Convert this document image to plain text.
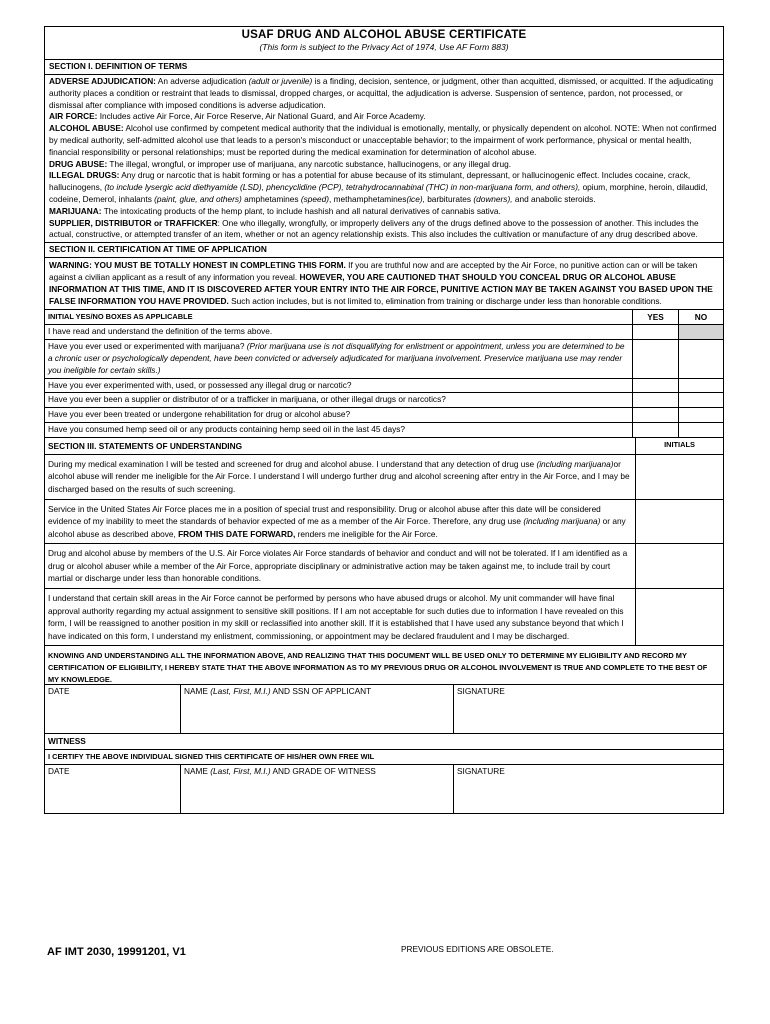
USAF DRUG AND ALCOHOL ABUSE CERTIFICATE
(This form is subject to the Privacy Act of 1974, Use AF Form 883)
SECTION I. DEFINITION OF TERMS

ADVERSE ADJUDICATION: An adverse adjudication (adult or juvenile) is a finding, decision, sentence, or judgment, other than acquitted, dismissed, or acquitted. If the adjudicating authority places a condition or restraint that leads to dismissal, dropped charges, or acquittal, the adjudication is adverse. Suspension of sentence, pardon, not processed, or dismissal after compliance with imposed conditions is adverse adjudication.

AIR FORCE: Includes active Air Force, Air Force Reserve, Air National Guard, and Air Force Academy.

ALCOHOL ABUSE: Alcohol use confirmed by competent medical authority that the individual is emotionally, mentally, or physically dependent on alcohol. NOTE: When not confirmed by medical authority, self-admitted alcohol use that leads to a person's misconduct or unacceptable behavior; to the impairment of work performance, physical or mental health, financial responsibility or personal relationships; must be reported during the medical examination for determination of alcohol abuse.

DRUG ABUSE: The illegal, wrongful, or improper use of marijuana, any narcotic substance, hallucinogens, or any illegal drug.

ILLEGAL DRUGS: Any drug or narcotic that is habit forming or has a potential for abuse because of its stimulant, depressant, or hallucinogenic effect. Includes cocaine, crack, hallucinogens, (to include lysergic acid diethyamide (LSD), phencyclidine (PCP), tetrahydrocannabinal (THC) in non-marijuana form, and others), opium, morphine, heroin, dilaudid, codeine, Demerol, inhalants (paint, glue, and others) amphetamines (speed), methamphetamines(ice), barbiturates (downers), and anabolic steroids.

MARIJUANA: The intoxicating products of the hemp plant, to include hashish and all natural derivatives of cannabis sativa.

SUPPLIER, DISTRIBUTOR or TRAFFICKER: One who illegally, wrongfully, or improperly delivers any of the drugs defined above to the possession of another. This includes the actual, constructive, or attempted transfer of an item, whether or not an agency relationship exists. This also includes the cultivation or manufacture of any drug described above.

SECTION II. CERTIFICATION AT TIME OF APPLICATION

WARNING: YOU MUST BE TOTALLY HONEST IN COMPLETING THIS FORM. If you are truthful now and are accepted by the Air Force, no punitive action can or will be taken against a civilian applicant as a result of any information you reveal. HOWEVER, YOU ARE CAUTIONED THAT SHOULD YOU CONCEAL DRUG OR ALCOHOL ABUSE INFORMATION AT THIS TIME, AND IT IS DISCOVERED AFTER YOUR ENTRY INTO THE AIR FORCE, PUNITIVE ACTION MAY BE TAKEN AGAINST YOU BASED UPON THE FALSE INFORMATION YOU HAVE PROVIDED. Such action includes, but is not limited to, elimination from training or discharge under less than honorable conditions.

INITIAL YES/NO BOXES AS APPLICABLE	YES	NO
I have read and understand the definition of the terms above.
Have you ever used or experimented with marijuana? (Prior marijuana use is not disqualifying for enlistment or appointment, unless you are determined to be a chronic user or psychologically dependent, have been convicted or adversely adjudicated for marijuana involvement. Preservice marijuana use may render you ineligible for certain skills.)
Have you ever experimented with, used, or possessed any illegal drug or narcotic?
Have you ever been a supplier or distributor of or a trafficker in marijuana, or other illegal drugs or narcotics?
Have you ever been treated or undergone rehabilitation for drug or alcohol abuse?
Have you consumed hemp seed oil or any products containing hemp seed oil in the last 45 days?
SECTION III. STATEMENTS OF UNDERSTANDING	INITIALS
During my medical examination I will be tested and screened for drug and alcohol abuse. I understand that any detection of drug use (including marijuana)or alcohol abuse will render me ineligible for the Air Force. I understand I will undergo further drug and alcohol screening after entry in the Air Force, and I may be discharged based on the results of such screening.
Service in the United States Air Force places me in a position of special trust and responsibility. Drug or alcohol abuse after this date will be considered evidence of my inability to meet the standards of behavior expected of me as a member of the Air Force. Therefore, any drug use (including marijuana) or any alcohol abuse as described above, FROM THIS DATE FORWARD, renders me ineligible for the Air Force.
Drug and alcohol abuse by members of the U.S. Air Force violates Air Force standards of behavior and conduct and will not be tolerated. If I am identified as a drug or alcohol abuser while a member of the Air Force, appropriate disciplinary or administrative action may be taken against me, to include trail by court martial or discharge under less than honorable conditions.
I understand that certain skill areas in the Air Force cannot be performed by persons who have abused drugs or alcohol. My unit commander will have final approval authority regarding my actual assignment to sensitive skill positions. If I am not acceptable for such duties due to information I have revealed on this form, I will be reassigned to another position in my skill or reclassified into another skill. If it is established that I have used any substance beyond that which I have indicated on this form, I understand my enlistment, commissioning, or appointment may be declared fraudulent and I may be discharged.
KNOWING AND UNDERSTANDING ALL THE INFORMATION ABOVE, AND REALIZING THAT THIS DOCUMENT WILL BE USED ONLY TO DETERMINE MY ELIGIBILITY AND RECORD MY CERTIFICATION OF ELIGIBILITY, I HEREBY STATE THAT THE ABOVE INFORMATION AS TO MY PREVIOUS DRUG OR ALCOHOL INVOLVEMENT IS TRUE AND COMPLETE TO THE BEST OF MY KNOWLEDGE.
DATE	NAME (Last, First, M.I.) AND SSN OF APPLICANT	SIGNATURE
WITNESS
I CERTIFY THE ABOVE INDIVIDUAL SIGNED THIS CERTIFICATE OF HIS/HER OWN FREE WIL
DATE	NAME (Last, First, M.I.) AND GRADE OF WITNESS	SIGNATURE
AF IMT 2030, 19991201, V1	PREVIOUS EDITIONS ARE OBSOLETE.
